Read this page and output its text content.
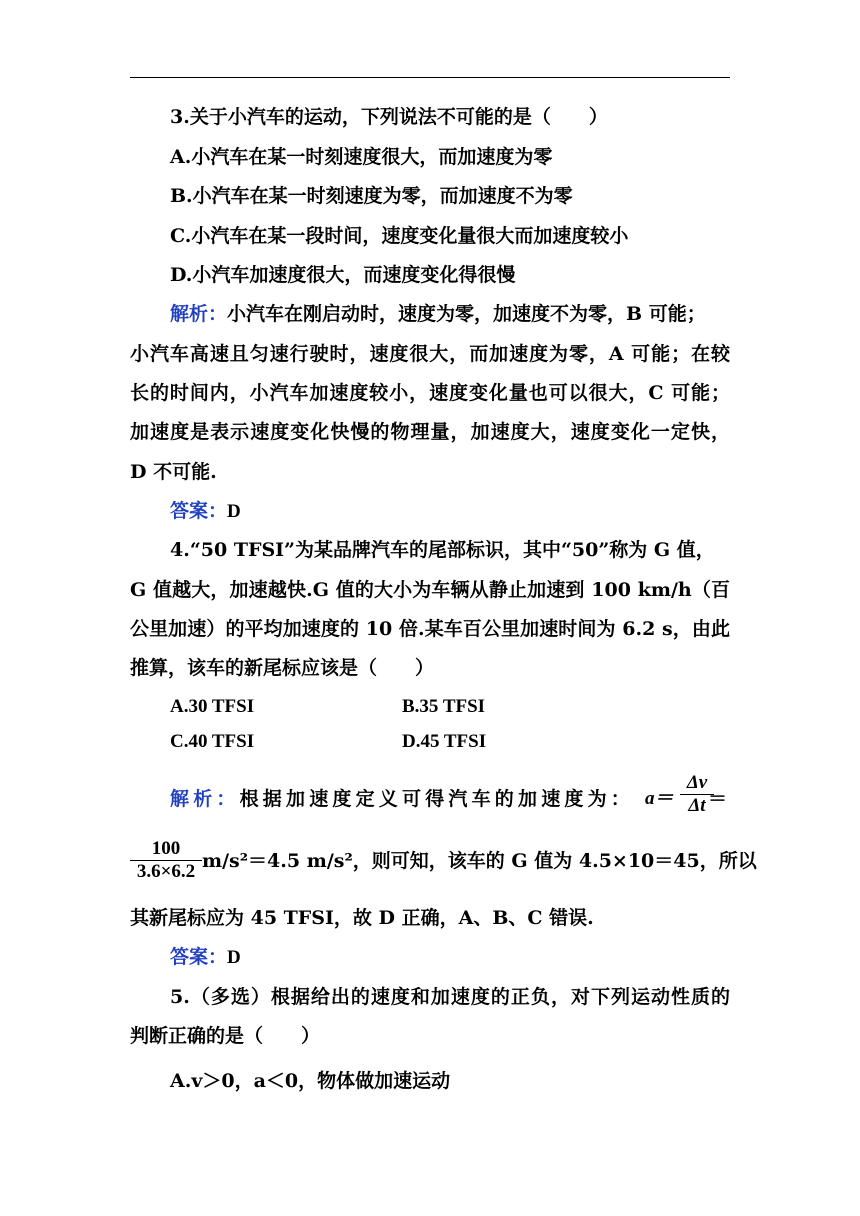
3.关于小汽车的运动，下列说法不可能的是（　　）
A.小汽车在某一时刻速度很大，而加速度为零
B.小汽车在某一时刻速度为零，而加速度不为零
C.小汽车在某一段时间，速度变化量很大而加速度较小
D.小汽车加速度很大，而速度变化得很慢
解析：小汽车在刚启动时，速度为零，加速度不为零，B 可能；
小汽车高速且匀速行驶时，速度很大，而加速度为零，A 可能；在较
长的时间内，小汽车加速度较小，速度变化量也可以很大，C 可能；
加速度是表示速度变化快慢的物理量，加速度大，速度变化一定快，
D 不可能.
答案：D
4.“50 TFSI”为某品牌汽车的尾部标识，其中“50”称为 G 值，
G 值越大，加速越快.G 值的大小为车辆从静止加速到 100 km/h（百
公里加速）的平均加速度的 10 倍.某车百公里加速时间为 6.2 s，由此
推算，该车的新尾标应该是（　　）
A.30 TFSI	B.35 TFSI
C.40 TFSI	D.45 TFSI
解析：根据加速度定义可得汽车的加速度为： a＝
Δv
Δt ＝
100
3.6×6.2 m/s²＝4.5 m/s²，则可知，该车的 G 值为 4.5×10＝45，所以
其新尾标应为 45 TFSI，故 D 正确，A、B、C 错误.
答案：D
5.（多选）根据给出的速度和加速度的正负，对下列运动性质的
判断正确的是（　　）
A.v＞0，a＜0，物体做加速运动
